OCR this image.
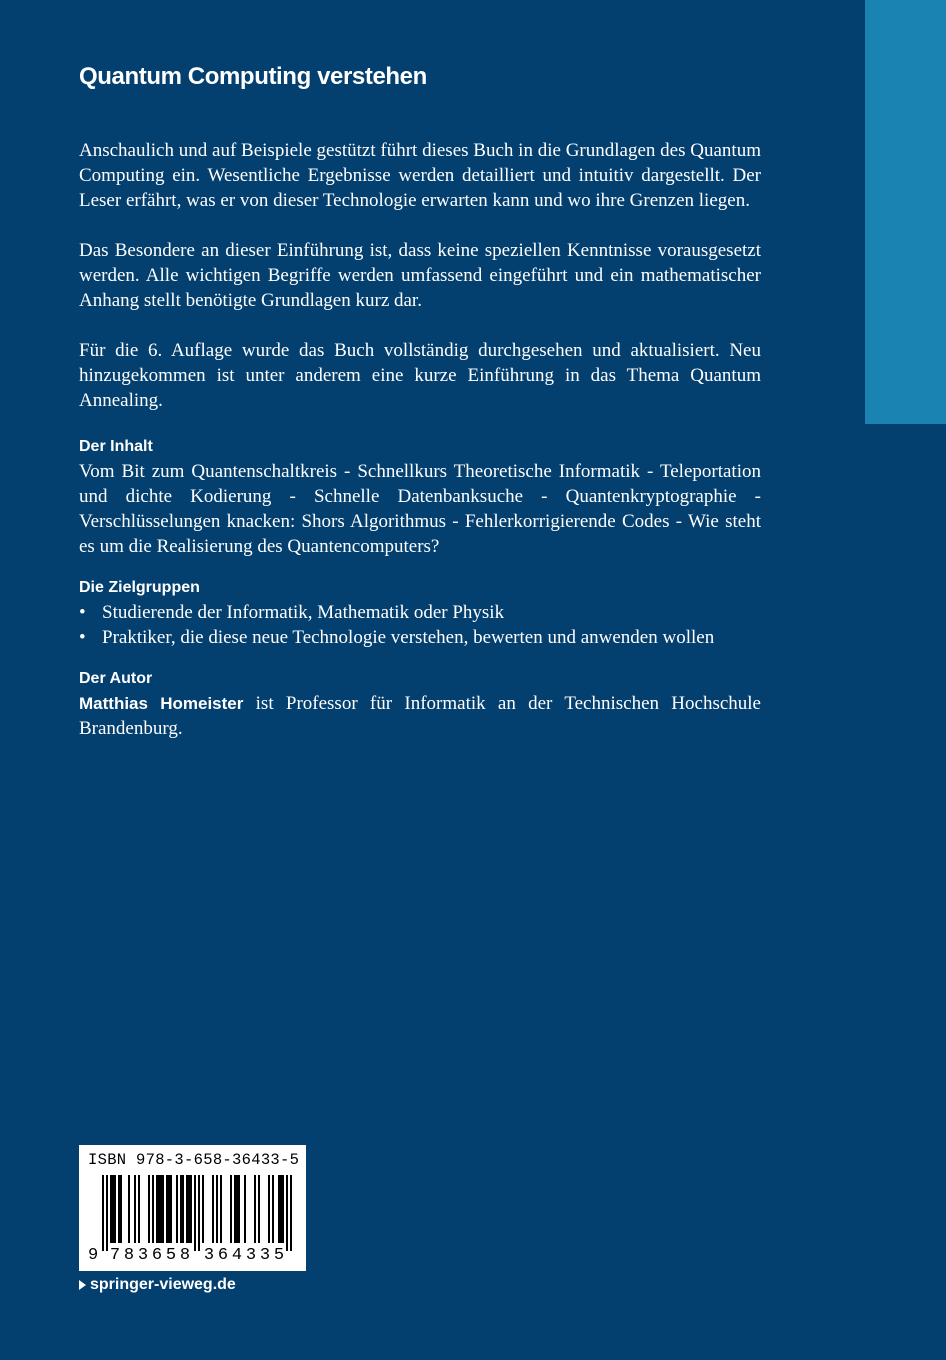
Quantum Computing verstehen

Anschaulich und auf Beispiele gestützt führt dieses Buch in die Grundlagen des Quantum Computing ein. Wesentliche Ergebnisse werden detailliert und intuitiv dargestellt. Der Leser erfährt, was er von dieser Technologie erwarten kann und wo ihre Grenzen liegen.

Das Besondere an dieser Einführung ist, dass keine speziellen Kenntnisse vorausgesetzt werden. Alle wichtigen Begriffe werden umfassend eingeführt und ein mathematischer Anhang stellt benötigte Grundlagen kurz dar.

Für die 6. Auflage wurde das Buch vollständig durchgesehen und aktualisiert. Neu hinzugekommen ist unter anderem eine kurze Einführung in das Thema Quantum Annealing.

Der Inhalt

Vom Bit zum Quantenschaltkreis - Schnellkurs Theoretische Informatik - Teleportation und dichte Kodierung - Schnelle Datenbanksuche - Quantenkryptographie - Verschlüsselungen knacken: Shors Algorithmus - Fehlerkorrigierende Codes - Wie steht es um die Realisierung des Quantencomputers?

Die Zielgruppen
• Studierende der Informatik, Mathematik oder Physik
• Praktiker, die diese neue Technologie verstehen, bewerten und anwenden wollen
Der Autor

Matthias Homeister ist Professor für Informatik an der Technischen Hochschule Brandenburg.

ISBN 978-3-658-36433-5
9 7 8 3 6 5 8 3 6 4 3 3 5
springer-vieweg.de
